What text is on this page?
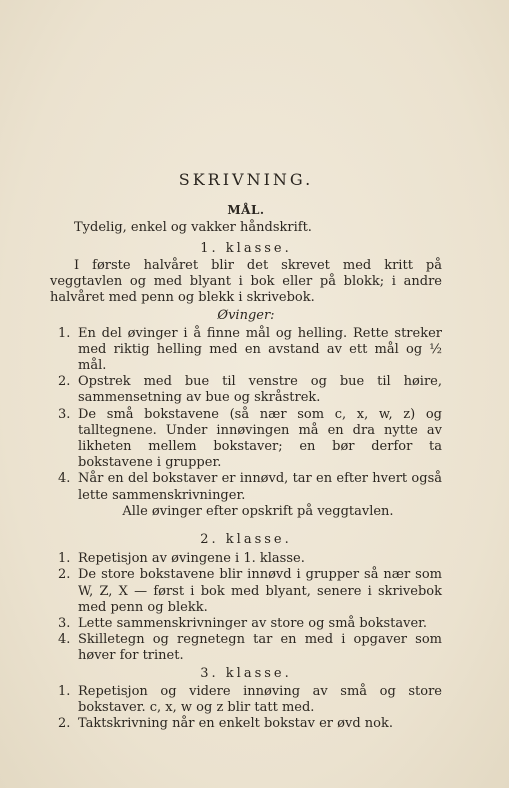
SKRIVNING.
MÅL.

Tydelig, enkel og vakker håndskrift.

1. klasse.

I første halvåret blir det skrevet med kritt på veggtavlen og med blyant i bok eller på blokk; i andre halvåret med penn og blekk i skrivebok.

Øvinger:
1. En del øvinger i å finne mål og helling. Rette streker med riktig helling med en avstand av ett mål og ½ mål.
2. Opstrek med bue til venstre og bue til høire, sammensetning av bue og skråstrek.
3. De små bokstavene (så nær som c, x, w, z) og talltegnene. Under innøvingen må en dra nytte av likheten mellem bokstaver; en bør derfor ta bokstavene i grupper.
4. Når en del bokstaver er innøvd, tar en efter hvert også lette sammenskrivninger.

Alle øvinger efter opskrift på veggtavlen.

2. klasse.
1. Repetisjon av øvingene i 1. klasse.
2. De store bokstavene blir innøvd i grupper så nær som W, Z, X — først i bok med blyant, senere i skrivebok med penn og blekk.
3. Lette sammenskrivninger av store og små bokstaver.
4. Skilletegn og regnetegn tar en med i opgaver som høver for trinet.
3. klasse.
1. Repetisjon og videre innøving av små og store bokstaver. c, x, w og z blir tatt med.
2. Taktskrivning når en enkelt bokstav er øvd nok.
